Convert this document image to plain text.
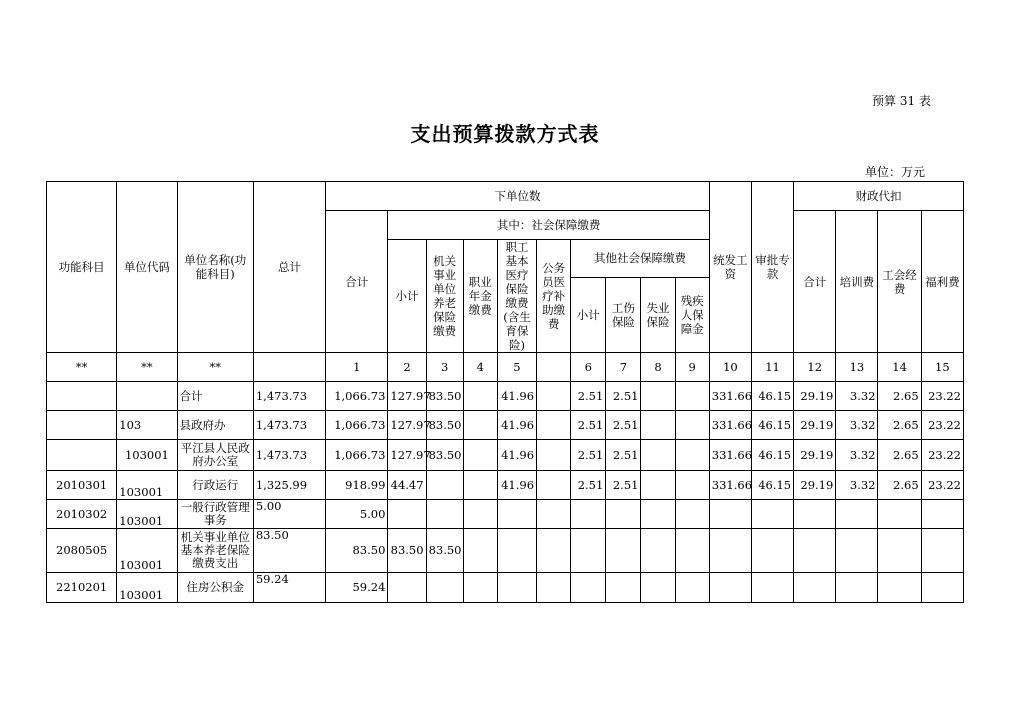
预算 31 表
支出预算拨款方式表
单位：万元
功能科目	单位代码	单位名称(功能科目)	总计	下单位数										统发工资	审批专款	财政代扣			
				合计	其中：社会保障缴费											合计	培训费	工会经费	福利费
					小计	机关事业单位养老保险缴费	职业年金缴费	职工基本医疗保险缴费(含生育保险)	公务员医疗补助缴费	其他社会保障缴费									
										小计	工伤保险	失业保险	残疾人保障金						
**	**	**		1	2	3	4	5		6	7	8	9	10	11	12	13	14	15
		合计	1,473.73	1,066.73	127.97	83.50		41.96		2.51	2.51			331.66	46.15	29.19	3.32	2.65	23.22
	103	县政府办	1,473.73	1,066.73	127.97	83.50		41.96		2.51	2.51			331.66	46.15	29.19	3.32	2.65	23.22
	103001	平江县人民政府办公室	1,473.73	1,066.73	127.97	83.50		41.96		2.51	2.51			331.66	46.15	29.19	3.32	2.65	23.22
2010301	103001	行政运行	1,325.99	918.99	44.47			41.96		2.51	2.51			331.66	46.15	29.19	3.32	2.65	23.22
2010302	103001	一般行政管理事务	5.00	5.00															
2080505	103001	机关事业单位基本养老保险缴费支出	83.50	83.50	83.50	83.50													
2210201	103001	住房公积金	59.24	59.24															
